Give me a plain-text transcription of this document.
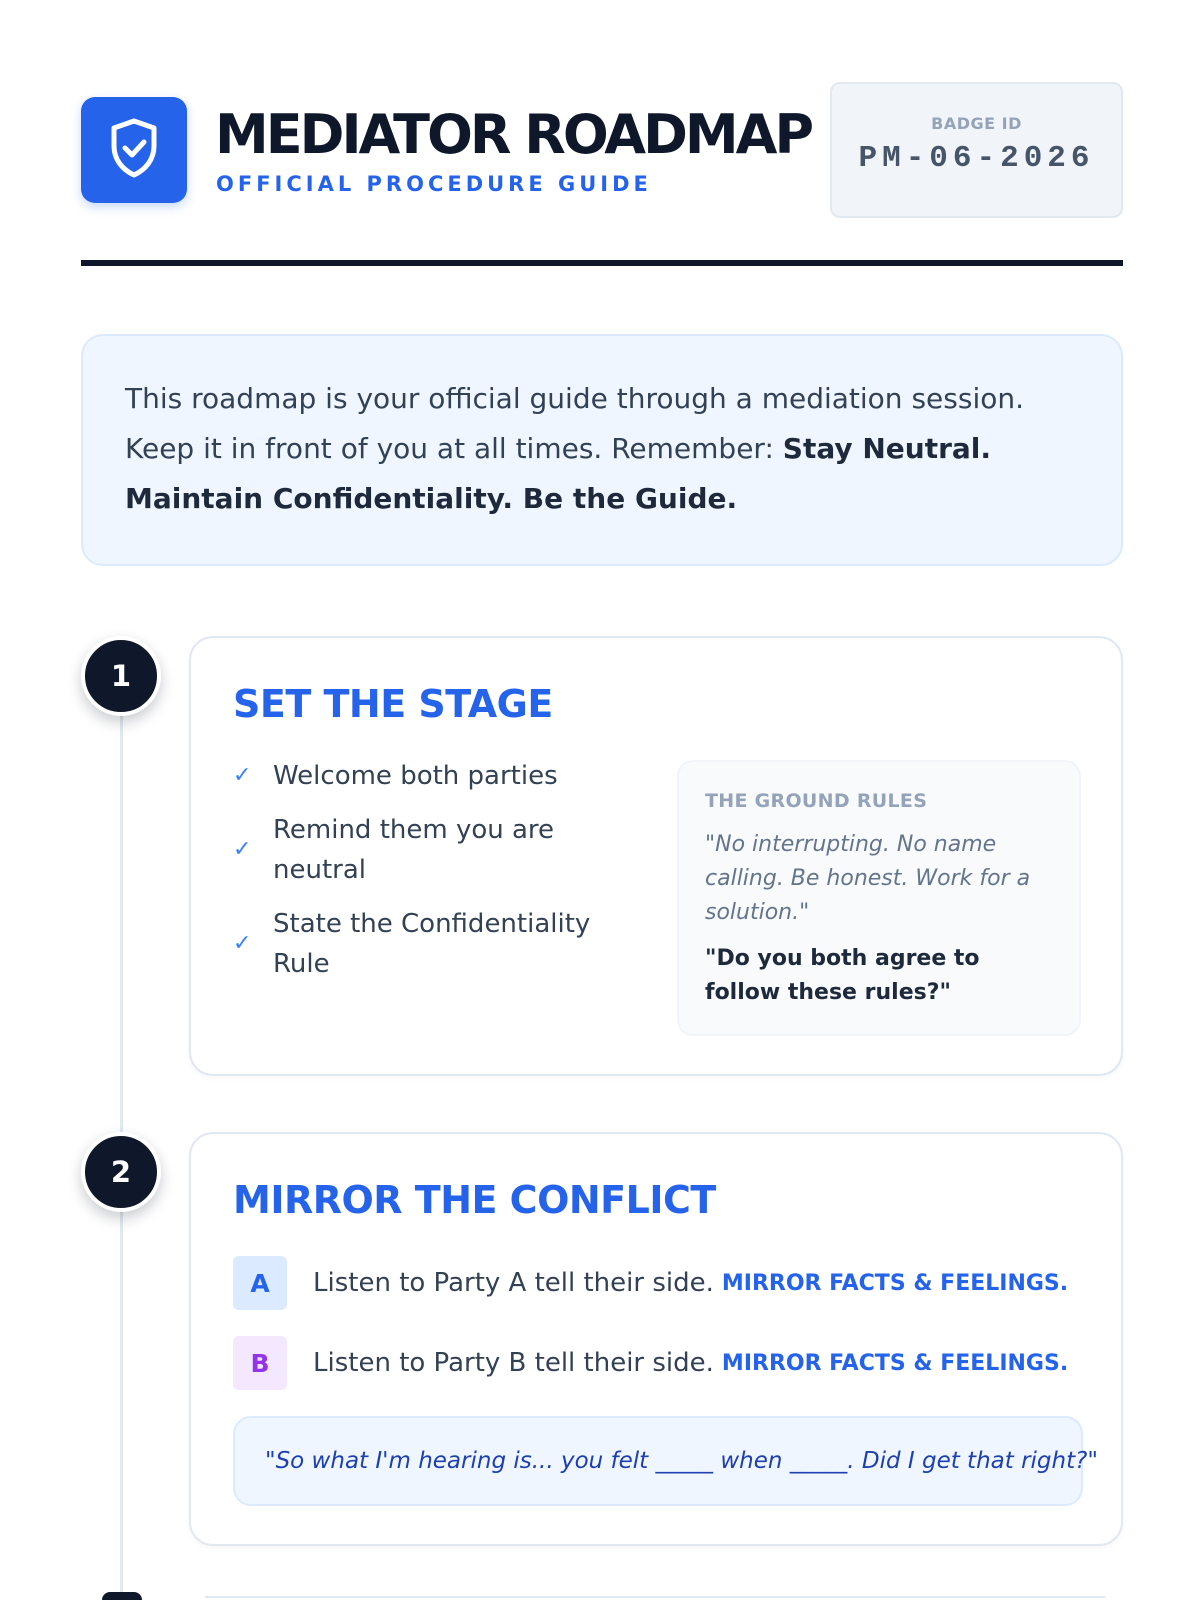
MEDIATOR ROADMAP
OFFICIAL PROCEDURE GUIDE
BADGE ID
PM-06-2026
This roadmap is your official guide through a mediation session. Keep it in front of you at all times. Remember: Stay Neutral. Maintain Confidentiality. Be the Guide.
1
SET THE STAGE
✓ Welcome both parties
✓
Remind them you are neutral
✓
State the Confidentiality Rule
THE GROUND RULES
"No interrupting. No name calling. Be honest. Work for a solution."
"Do you both agree to follow these rules?"
2
MIRROR THE CONFLICT
A	Listen to Party A tell their side. MIRROR FACTS & FEELINGS.
B	Listen to Party B tell their side. MIRROR FACTS & FEELINGS.
"So what I'm hearing is... you felt _____ when _____. Did I get that right?"
